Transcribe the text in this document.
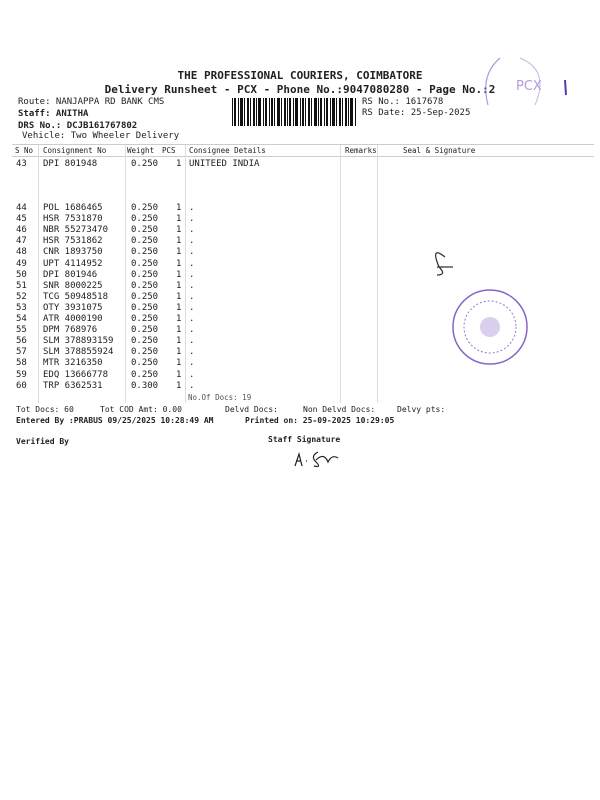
THE PROFESSIONAL COURIERS, COIMBATORE
Delivery Runsheet - PCX - Phone No.:9047080280 - Page No.:2
Route: NANJAPPA RD BANK CMS
Staff: ANITHA
DRS No.: DCJB161767802
Vehicle: Two Wheeler Delivery
RS No.: 1617678
RS Date: 25-Sep-2025
PCX
S No Consignment No	Weight PCS Consignee Details	Remarks	Seal & Signature
43 DPI 801948	0.250 1 UNITEED INDIA
44 POL 1686465	0.250 1 .
45 HSR 7531870	0.250 1 .
46 NBR 55273470	0.250 1 .
47 HSR 7531862	0.250 1 .
48 CNR 1893750	0.250 1 .
49 UPT 4114952	0.250 1 .
50 DPI 801946	0.250 1 .
51 SNR 8000225	0.250 1 .
52 TCG 50948518	0.250 1 .
53 OTY 3931075	0.250 1 .
54 ATR 4000190	0.250 1 .
55 DPM 768976	0.250 1 .
56 SLM 378893159 0.250 1 .
57 SLM 378855924 0.250 1 .
58 MTR 3216350	0.250 1 .
59 EDQ 13666778	0.250 1 .
60 TRP 6362531	0.300 1 .
No.Of Docs: 19
Tot Docs: 60	Tot COD Amt: 0.00	Delvd Docs:	Non Delvd Docs:	Delvy pts:
Entered By :PRABUS 09/25/2025 10:28:49 AM	Printed on: 25-09-2025 10:29:05
Verified By	Staff Signature
